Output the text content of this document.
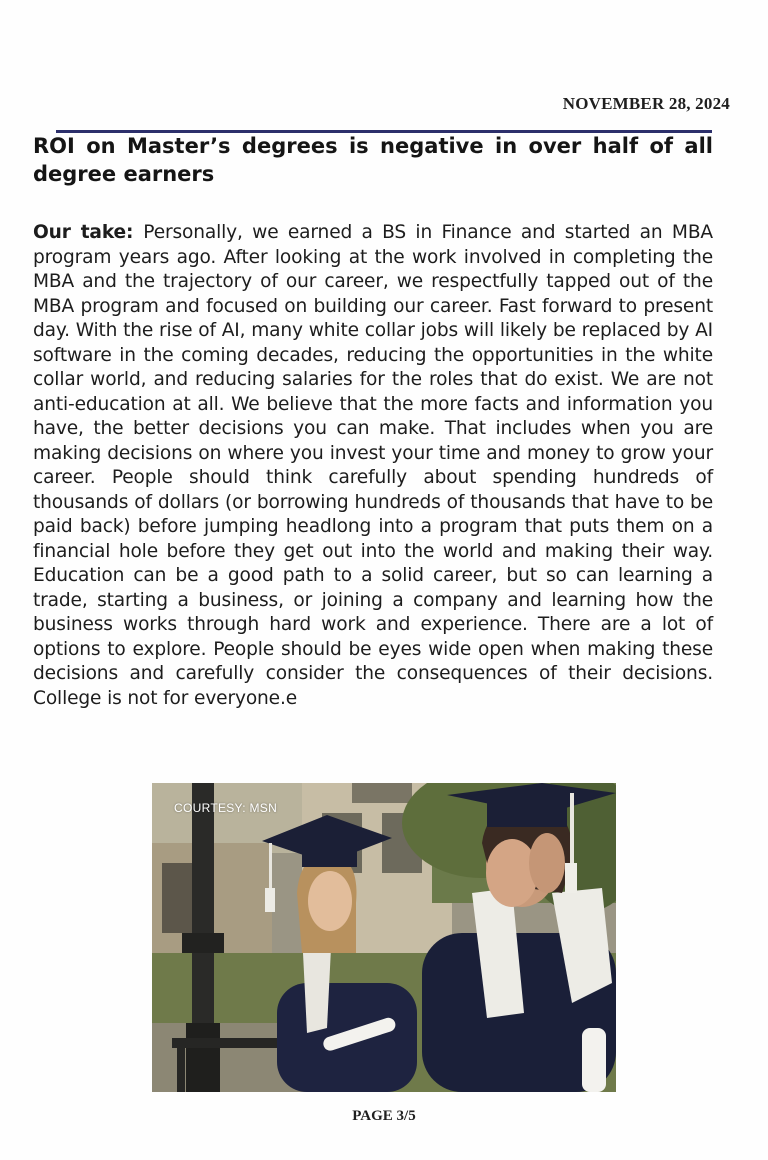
NOVEMBER 28, 2024
ROI on Master’s degrees is negative in over half of all degree earners

Our take: Personally, we earned a BS in Finance and started an MBA program years ago. After looking at the work involved in completing the MBA and the trajectory of our career, we respectfully tapped out of the MBA program and focused on building our career. Fast forward to present day. With the rise of AI, many white collar jobs will likely be replaced by AI software in the coming decades, reducing the opportunities in the white collar world, and reducing salaries for the roles that do exist. We are not anti-education at all. We believe that the more facts and information you have, the better decisions you can make. That includes when you are making decisions on where you invest your time and money to grow your career. People should think carefully about spending hundreds of thousands of dollars (or borrowing hundreds of thousands that have to be paid back) before jumping headlong into a program that puts them on a financial hole before they get out into the world and making their way. Education can be a good path to a solid career, but so can learning a trade, starting a business, or joining a company and learning how the business works through hard work and experience. There are a lot of options to explore. People should be eyes wide open when making these decisions and carefully consider the consequences of their decisions. College is not for everyone.e

COURTESY: MSN
PAGE 3/5
